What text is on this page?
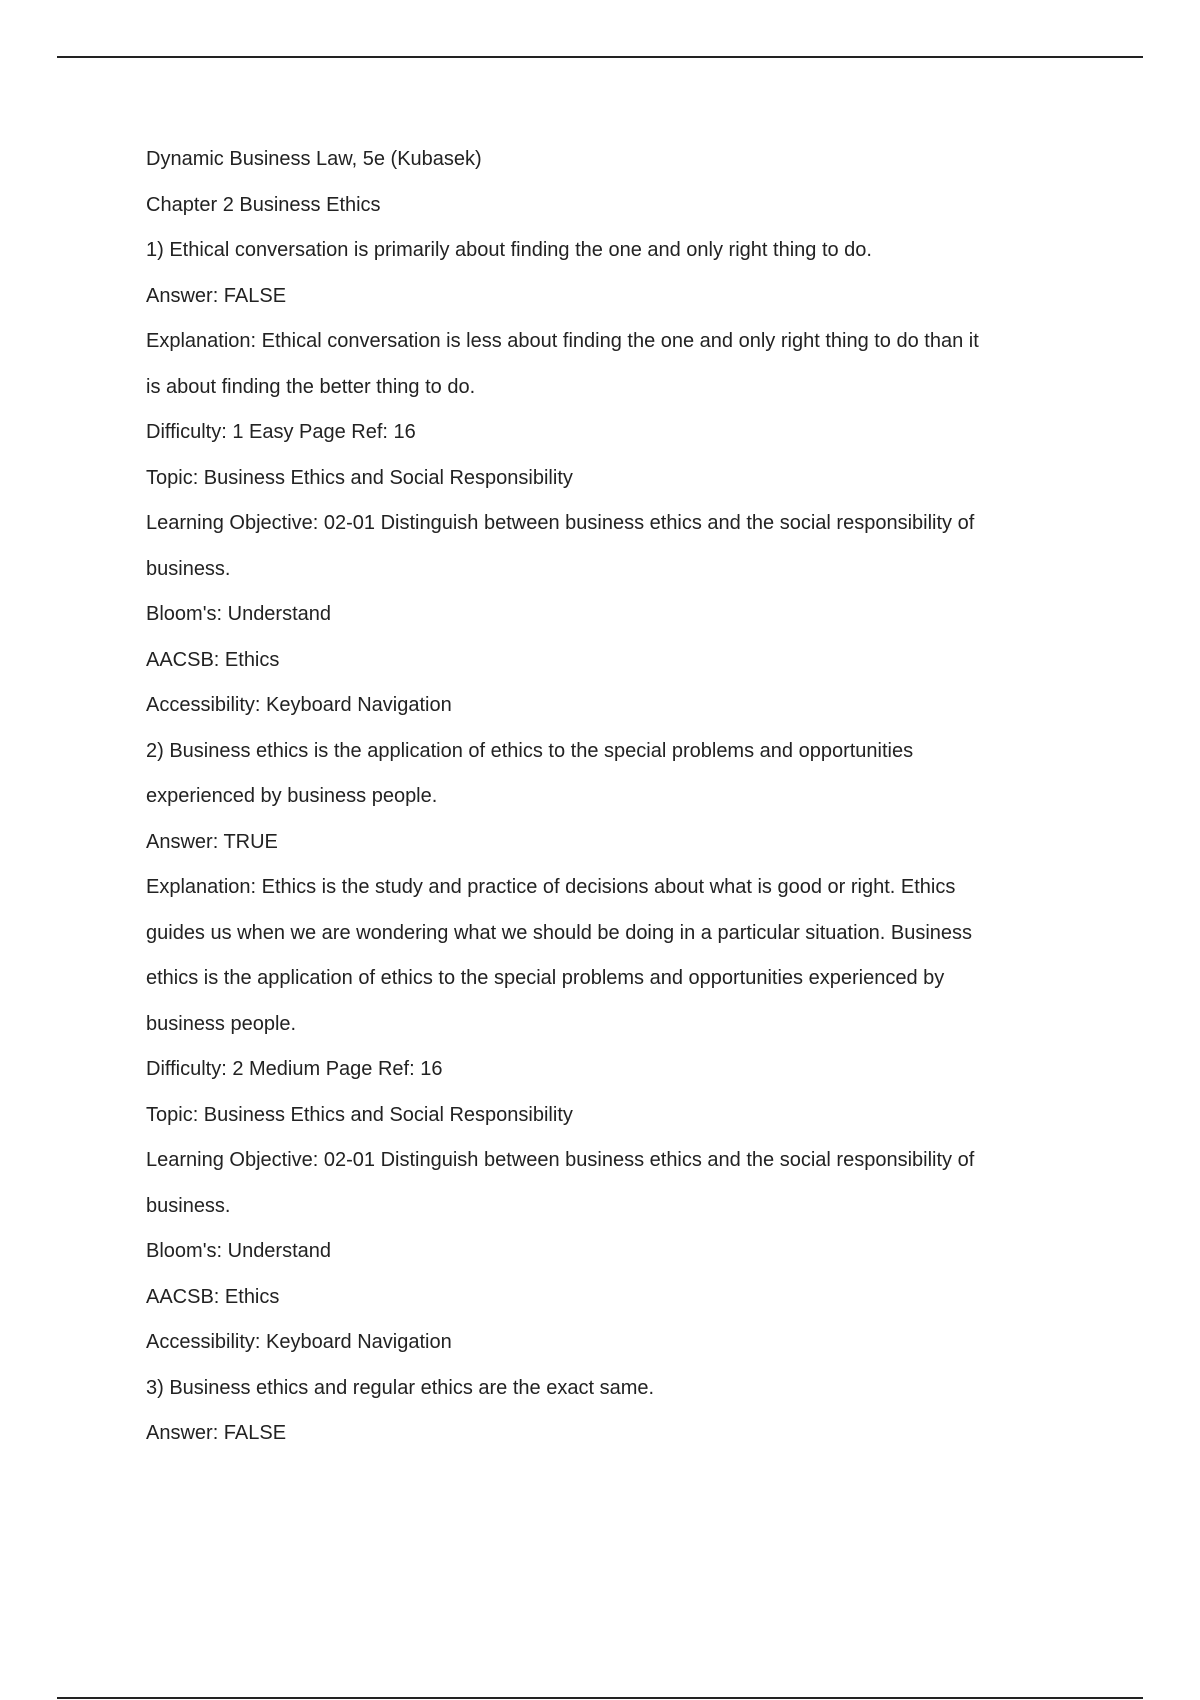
Dynamic Business Law, 5e (Kubasek)
Chapter 2 Business Ethics
1) Ethical conversation is primarily about finding the one and only right thing to do.
Answer: FALSE
Explanation: Ethical conversation is less about finding the one and only right thing to do than it
is about finding the better thing to do.
Difficulty: 1 Easy Page Ref: 16
Topic: Business Ethics and Social Responsibility
Learning Objective: 02-01 Distinguish between business ethics and the social responsibility of
business.
Bloom's: Understand
AACSB: Ethics
Accessibility: Keyboard Navigation
2) Business ethics is the application of ethics to the special problems and opportunities
experienced by business people.
Answer: TRUE
Explanation: Ethics is the study and practice of decisions about what is good or right. Ethics
guides us when we are wondering what we should be doing in a particular situation. Business
ethics is the application of ethics to the special problems and opportunities experienced by
business people.
Difficulty: 2 Medium Page Ref: 16
Topic: Business Ethics and Social Responsibility
Learning Objective: 02-01 Distinguish between business ethics and the social responsibility of
business.
Bloom's: Understand
AACSB: Ethics
Accessibility: Keyboard Navigation
3) Business ethics and regular ethics are the exact same.
Answer: FALSE
